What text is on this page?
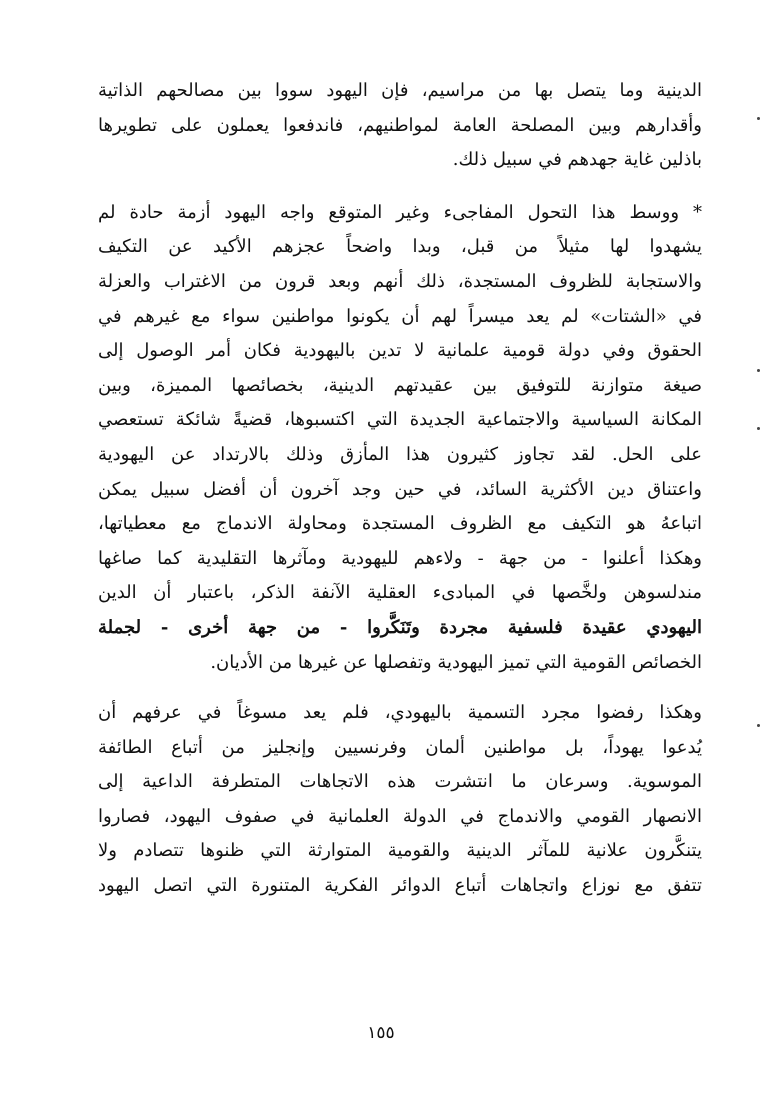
الدينية وما يتصل بها من مراسيم، فإن اليهود سووا بين مصالحهم الذاتية
وأقدارهم وبين المصلحة العامة لمواطنيهم، فاندفعوا يعملون على تطويرها
باذلين غاية جهدهم في سبيل ذلك.

* ووسط هذا التحول المفاجىء وغير المتوقع واجه اليهود أزمة حادة لم
يشهدوا لها مثيلاً من قبل، وبدا واضحاً عجزهم الأكيد عن التكيف
والاستجابة للظروف المستجدة، ذلك أنهم وبعد قرون من الاغتراب والعزلة
في «الشتات» لم يعد ميسراً لهم أن يكونوا مواطنين سواء مع غيرهم في
الحقوق وفي دولة قومية علمانية لا تدين باليهودية فكان أمر الوصول إلى
صيغة متوازنة للتوفيق بين عقيدتهم الدينية، بخصائصها المميزة، وبين
المكانة السياسية والاجتماعية الجديدة التي اكتسبوها، قضيةً شائكة تستعصي
على الحل. لقد تجاوز كثيرون هذا المأزق وذلك بالارتداد عن اليهودية
واعتناق دين الأكثرية السائد، في حين وجد آخرون أن أفضل سبيل يمكن
اتباعهُ هو التكيف مع الظروف المستجدة ومحاولة الاندماج مع معطياتها،
وهكذا أعلنوا - من جهة - ولاءهم لليهودية ومآثرها التقليدية كما صاغها
مندلسوهن ولخَّصها في المبادىء العقلية الآنفة الذكر، باعتبار أن الدين
اليهودي عقيدة فلسفية مجردة وتَنَكَّروا - من جهة أخرى - لجملة
الخصائص القومية التي تميز اليهودية وتفصلها عن غيرها من الأديان.

وهكذا رفضوا مجرد التسمية باليهودي، فلم يعد مسوغاً في عرفهم أن
يُدعوا يهوداً، بل مواطنين ألمان وفرنسيين وإنجليز من أتباع الطائفة
الموسوية. وسرعان ما انتشرت هذه الاتجاهات المتطرفة الداعية إلى
الانصهار القومي والاندماج في الدولة العلمانية في صفوف اليهود، فصاروا
يتنكَّرون علانية للمآثر الدينية والقومية المتوارثة التي ظنوها تتصادم ولا
تتفق مع نوزاع واتجاهات أتباع الدوائر الفكرية المتنورة التي اتصل اليهود

١٥٥
